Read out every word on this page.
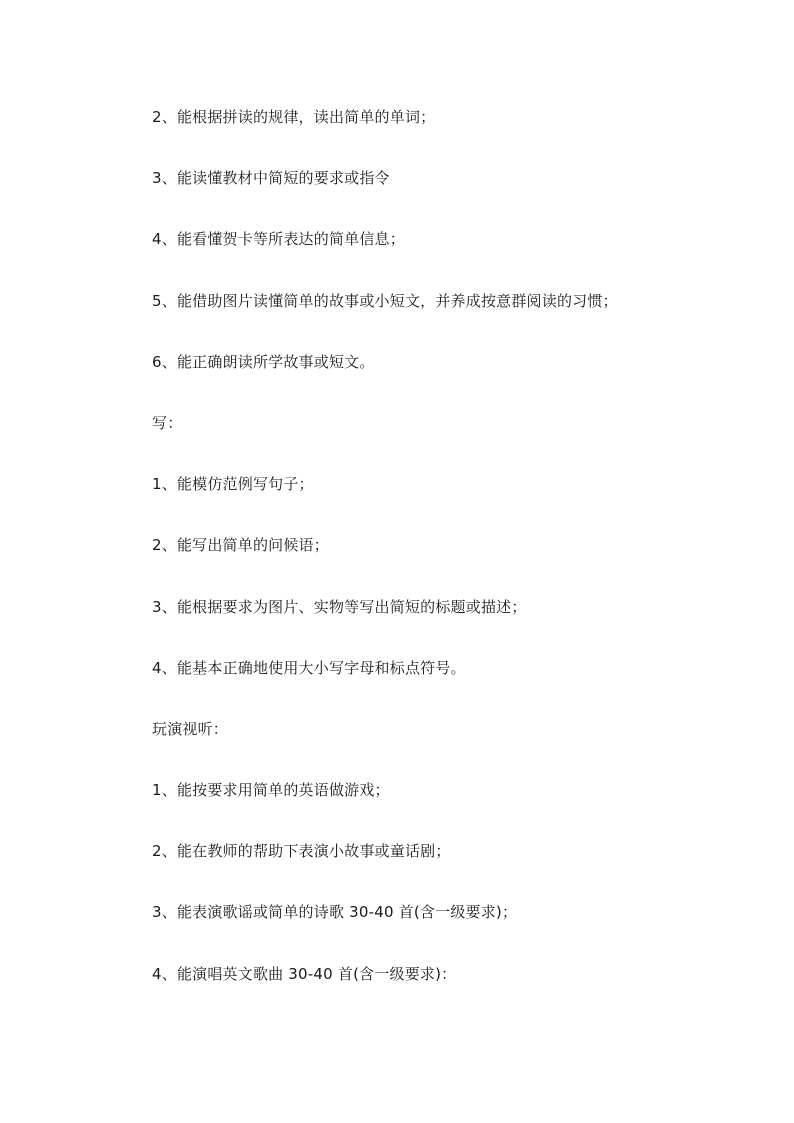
2、能根据拼读的规律，读出简单的单词；
3、能读懂教材中简短的要求或指令
4、能看懂贺卡等所表达的简单信息；
5、能借助图片读懂简单的故事或小短文，并养成按意群阅读的习惯；
6、能正确朗读所学故事或短文。
写：
1、能模仿范例写句子；
2、能写出简单的问候语；
3、能根据要求为图片、实物等写出简短的标题或描述；
4、能基本正确地使用大小写字母和标点符号。
玩演视听：
1、能按要求用简单的英语做游戏；
2、能在教师的帮助下表演小故事或童话剧；
3、能表演歌谣或简单的诗歌 30-40 首(含一级要求)；
4、能演唱英文歌曲 30-40 首(含一级要求)：
